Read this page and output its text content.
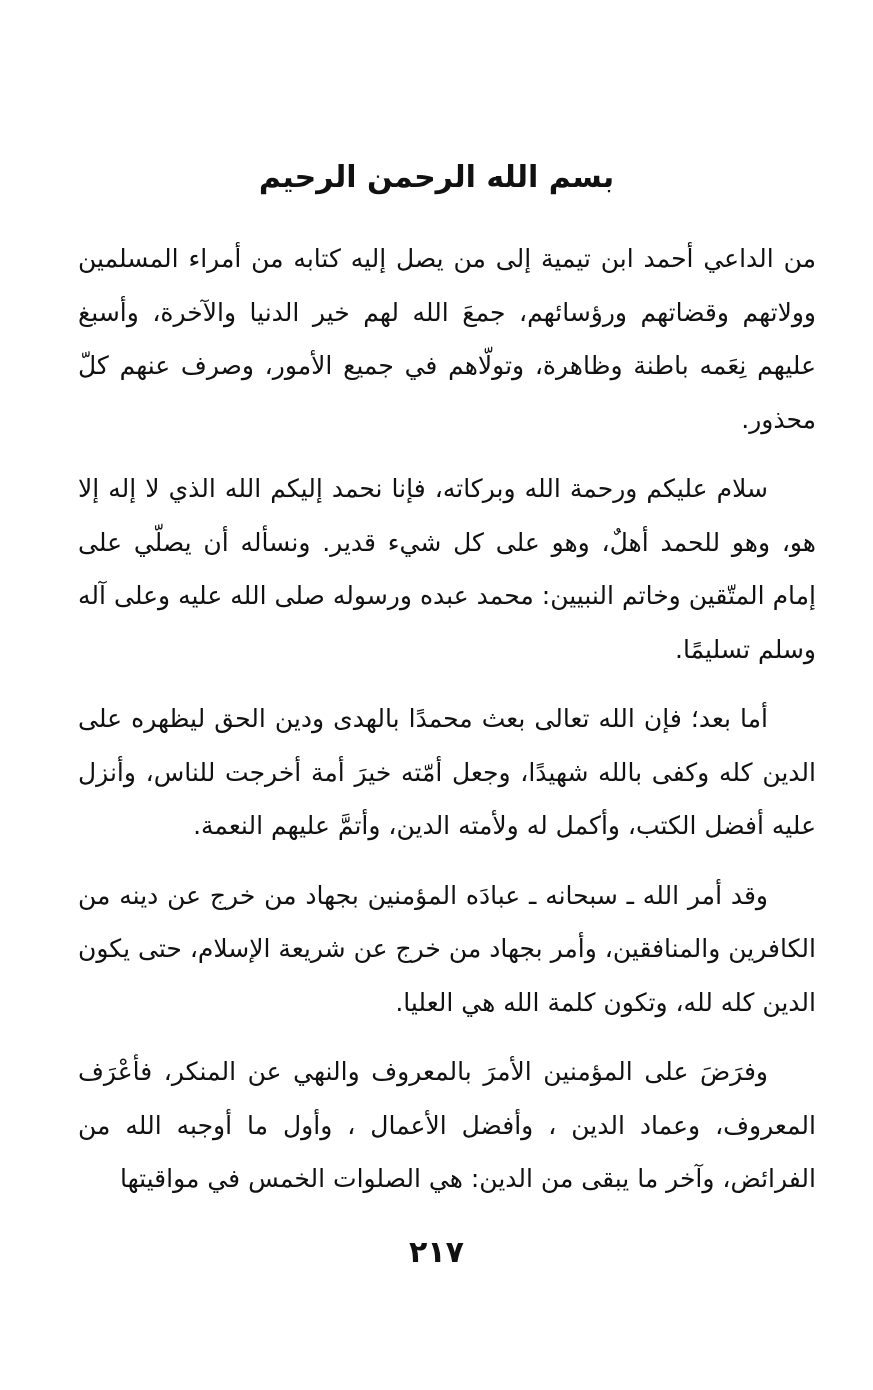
بسم الله الرحمن الرحيم

من الداعي أحمد ابن تيمية إلى من يصل إليه كتابه من أمراء المسلمين وولاتهم وقضاتهم ورؤسائهم، جمعَ الله لهم خير الدنيا والآخرة، وأسبغ عليهم نِعَمه باطنة وظاهرة، وتولّاهم في جميع الأمور، وصرف عنهم كلّ محذور.

سلام عليكم ورحمة الله وبركاته، فإنا نحمد إليكم الله الذي لا إله إلا هو، وهو للحمد أهلٌ، وهو على كل شيء قدير. ونسأله أن يصلّي على إمام المتّقين وخاتم النبيين: محمد عبده ورسوله صلى الله عليه وعلى آله وسلم تسليمًا.

أما بعد؛ فإن الله تعالى بعث محمدًا بالهدى ودين الحق ليظهره على الدين كله وكفى بالله شهيدًا، وجعل أمّته خيرَ أمة أخرجت للناس، وأنزل عليه أفضل الكتب، وأكمل له ولأمته الدين، وأتمَّ عليهم النعمة.

وقد أمر الله ـ سبحانه ـ عبادَه المؤمنين بجهاد من خرج عن دينه من الكافرين والمنافقين، وأمر بجهاد من خرج عن شريعة الإسلام، حتى يكون الدين كله لله، وتكون كلمة الله هي العليا.

وفرَضَ على المؤمنين الأمرَ بالمعروف والنهي عن المنكر، فأعْرَف المعروف، وعماد الدين ، وأفضل الأعمال ، وأول ما أوجبه الله من الفرائض، وآخر ما يبقى من الدين: هي الصلوات الخمس في مواقيتها

٢١٧
